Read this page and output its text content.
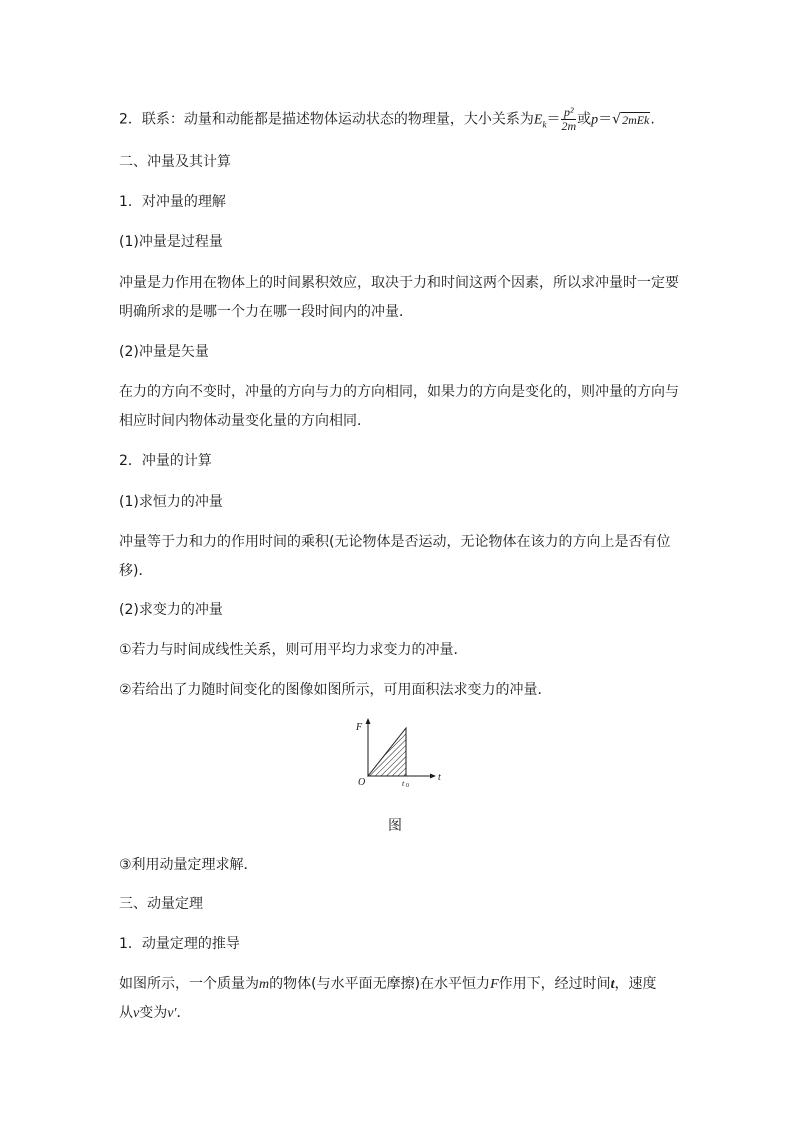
2．联系：动量和动能都是描述物体运动状态的物理量，大小关系为$E_k= \frac{\text{p²}}{2m}$ 或p＝√2mEk.
二、冲量及其计算
1．对冲量的理解
(1)冲量是过程量
冲量是力作用在物体上的时间累积效应，取决于力和时间这两个因素，所以求冲量时一定要
明确所求的是哪一个力在哪一段时间内的冲量．
(2)冲量是矢量
在力的方向不变时，冲量的方向与力的方向相同，如果力的方向是变化的，则冲量的方向与
相应时间内物体动量变化量的方向相同．
2．冲量的计算
(1)求恒力的冲量
冲量等于力和力的作用时间的乘积(无论物体是否运动，无论物体在该力的方向上是否有位
移)．
(2)求变力的冲量
①若力与时间成线性关系，则可用平均力求变力的冲量．
②若给出了力随时间变化的图像如图所示，可用面积法求变力的冲量．
F
t
O	t 0
图
③利用动量定理求解．
三、动量定理
1．动量定理的推导
如图所示，一个质量为m的物体(与水平面无摩擦)在水平恒力F作用下，经过时间t，速度
从v变为v′．
